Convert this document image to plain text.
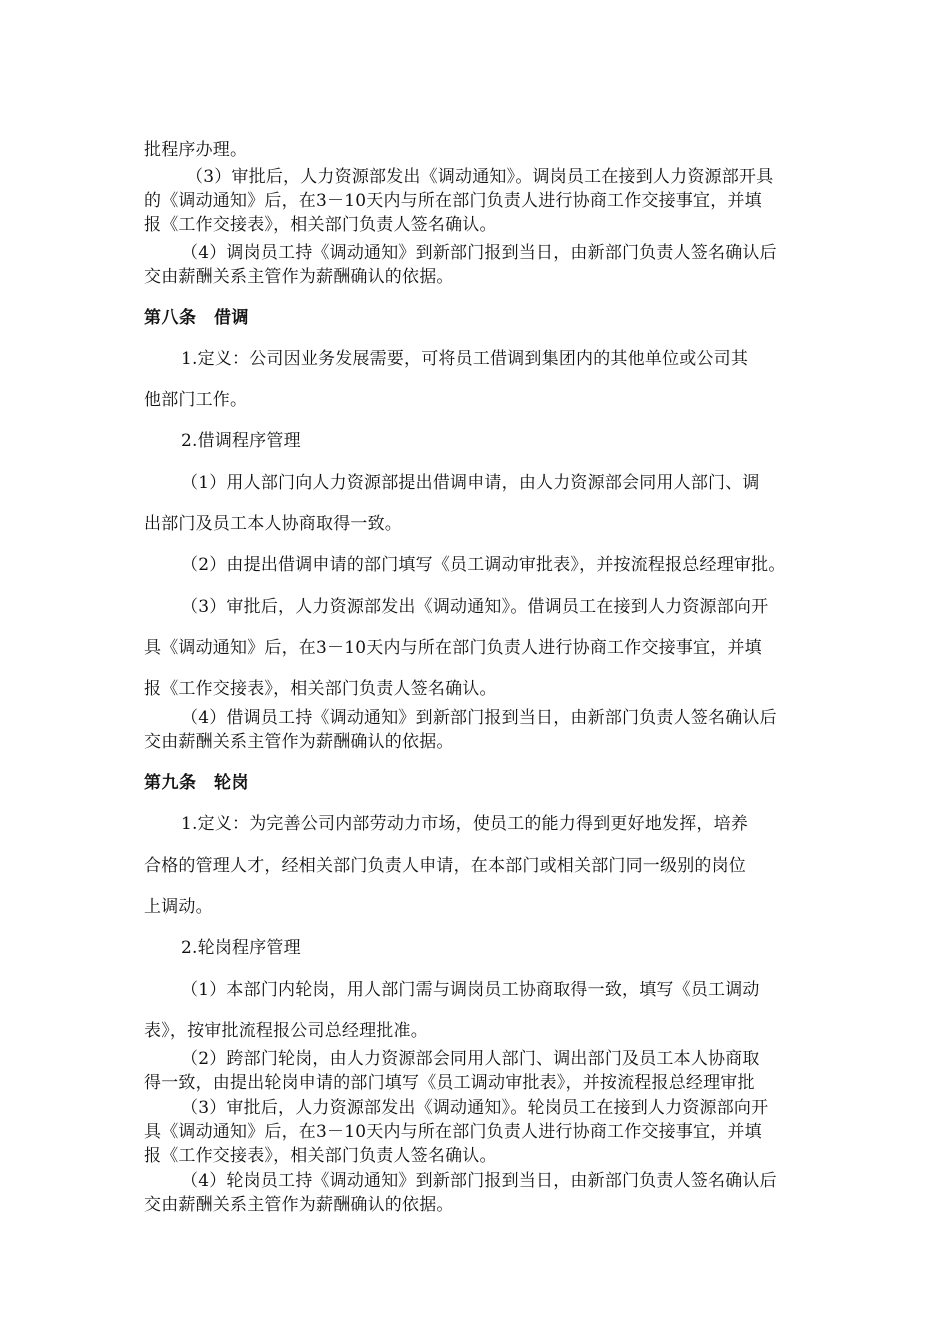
批程序办理。
（3）审批后，人力资源部发出《调动通知》。调岗员工在接到人力资源部开具
的《调动通知》后，在3－10天内与所在部门负责人进行协商工作交接事宜，并填
报《工作交接表》，相关部门负责人签名确认。
（4）调岗员工持《调动通知》到新部门报到当日，由新部门负责人签名确认后
交由薪酬关系主管作为薪酬确认的依据。
第八条　借调
1.定义：公司因业务发展需要，可将员工借调到集团内的其他单位或公司其
他部门工作。
2.借调程序管理
（1）用人部门向人力资源部提出借调申请，由人力资源部会同用人部门、调
出部门及员工本人协商取得一致。
（2）由提出借调申请的部门填写《员工调动审批表》，并按流程报总经理审批。
（3）审批后，人力资源部发出《调动通知》。借调员工在接到人力资源部向开
具《调动通知》后，在3－10天内与所在部门负责人进行协商工作交接事宜，并填
报《工作交接表》，相关部门负责人签名确认。
（4）借调员工持《调动通知》到新部门报到当日，由新部门负责人签名确认后
交由薪酬关系主管作为薪酬确认的依据。
第九条　轮岗
1.定义：为完善公司内部劳动力市场，使员工的能力得到更好地发挥，培养
合格的管理人才，经相关部门负责人申请，在本部门或相关部门同一级别的岗位
上调动。
2.轮岗程序管理
（1）本部门内轮岗，用人部门需与调岗员工协商取得一致，填写《员工调动
表》，按审批流程报公司总经理批准。
（2）跨部门轮岗，由人力资源部会同用人部门、调出部门及员工本人协商取
得一致，由提出轮岗申请的部门填写《员工调动审批表》，并按流程报总经理审批
（3）审批后，人力资源部发出《调动通知》。轮岗员工在接到人力资源部向开
具《调动通知》后，在3－10天内与所在部门负责人进行协商工作交接事宜，并填
报《工作交接表》，相关部门负责人签名确认。
（4）轮岗员工持《调动通知》到新部门报到当日，由新部门负责人签名确认后
交由薪酬关系主管作为薪酬确认的依据。
